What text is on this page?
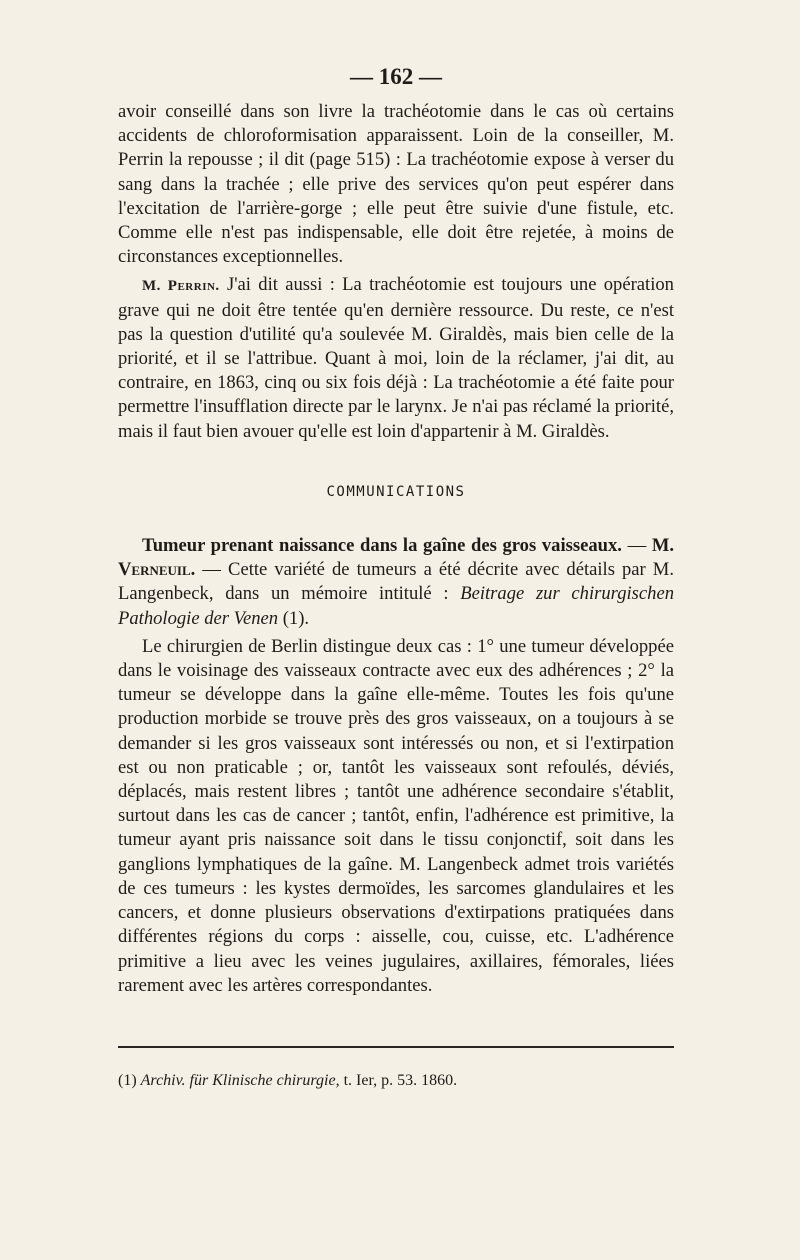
— 162 —

avoir conseillé dans son livre la trachéotomie dans le cas où certains accidents de chloroformisation apparaissent. Loin de la conseiller, M. Perrin la repousse ; il dit (page 515) : La trachéotomie expose à verser du sang dans la trachée ; elle prive des services qu'on peut espérer dans l'excitation de l'arrière-gorge ; elle peut être suivie d'une fistule, etc. Comme elle n'est pas indispensable, elle doit être rejetée, à moins de circonstances exceptionnelles.

M. Perrin. J'ai dit aussi : La trachéotomie est toujours une opération grave qui ne doit être tentée qu'en dernière ressource. Du reste, ce n'est pas la question d'utilité qu'a soulevée M. Giraldès, mais bien celle de la priorité, et il se l'attribue. Quant à moi, loin de la réclamer, j'ai dit, au contraire, en 1863, cinq ou six fois déjà : La trachéotomie a été faite pour permettre l'insufflation directe par le larynx. Je n'ai pas réclamé la priorité, mais il faut bien avouer qu'elle est loin d'appartenir à M. Giraldès.

COMMUNICATIONS

Tumeur prenant naissance dans la gaîne des gros vaisseaux. — M. Verneuil. — Cette variété de tumeurs a été décrite avec détails par M. Langenbeck, dans un mémoire intitulé : Beitrage zur chirurgischen Pathologie der Venen (1).

Le chirurgien de Berlin distingue deux cas : 1° une tumeur développée dans le voisinage des vaisseaux contracte avec eux des adhérences ; 2° la tumeur se développe dans la gaîne elle-même. Toutes les fois qu'une production morbide se trouve près des gros vaisseaux, on a toujours à se demander si les gros vaisseaux sont intéressés ou non, et si l'extirpation est ou non praticable ; or, tantôt les vaisseaux sont refoulés, déviés, déplacés, mais restent libres ; tantôt une adhérence secondaire s'établit, surtout dans les cas de cancer ; tantôt, enfin, l'adhérence est primitive, la tumeur ayant pris naissance soit dans le tissu conjonctif, soit dans les ganglions lymphatiques de la gaîne. M. Langenbeck admet trois variétés de ces tumeurs : les kystes dermoïdes, les sarcomes glandulaires et les cancers, et donne plusieurs observations d'extirpations pratiquées dans différentes régions du corps : aisselle, cou, cuisse, etc. L'adhérence primitive a lieu avec les veines jugulaires, axillaires, fémorales, liées rarement avec les artères correspondantes.

(1) Archiv. für Klinische chirurgie, t. Ier, p. 53. 1860.
